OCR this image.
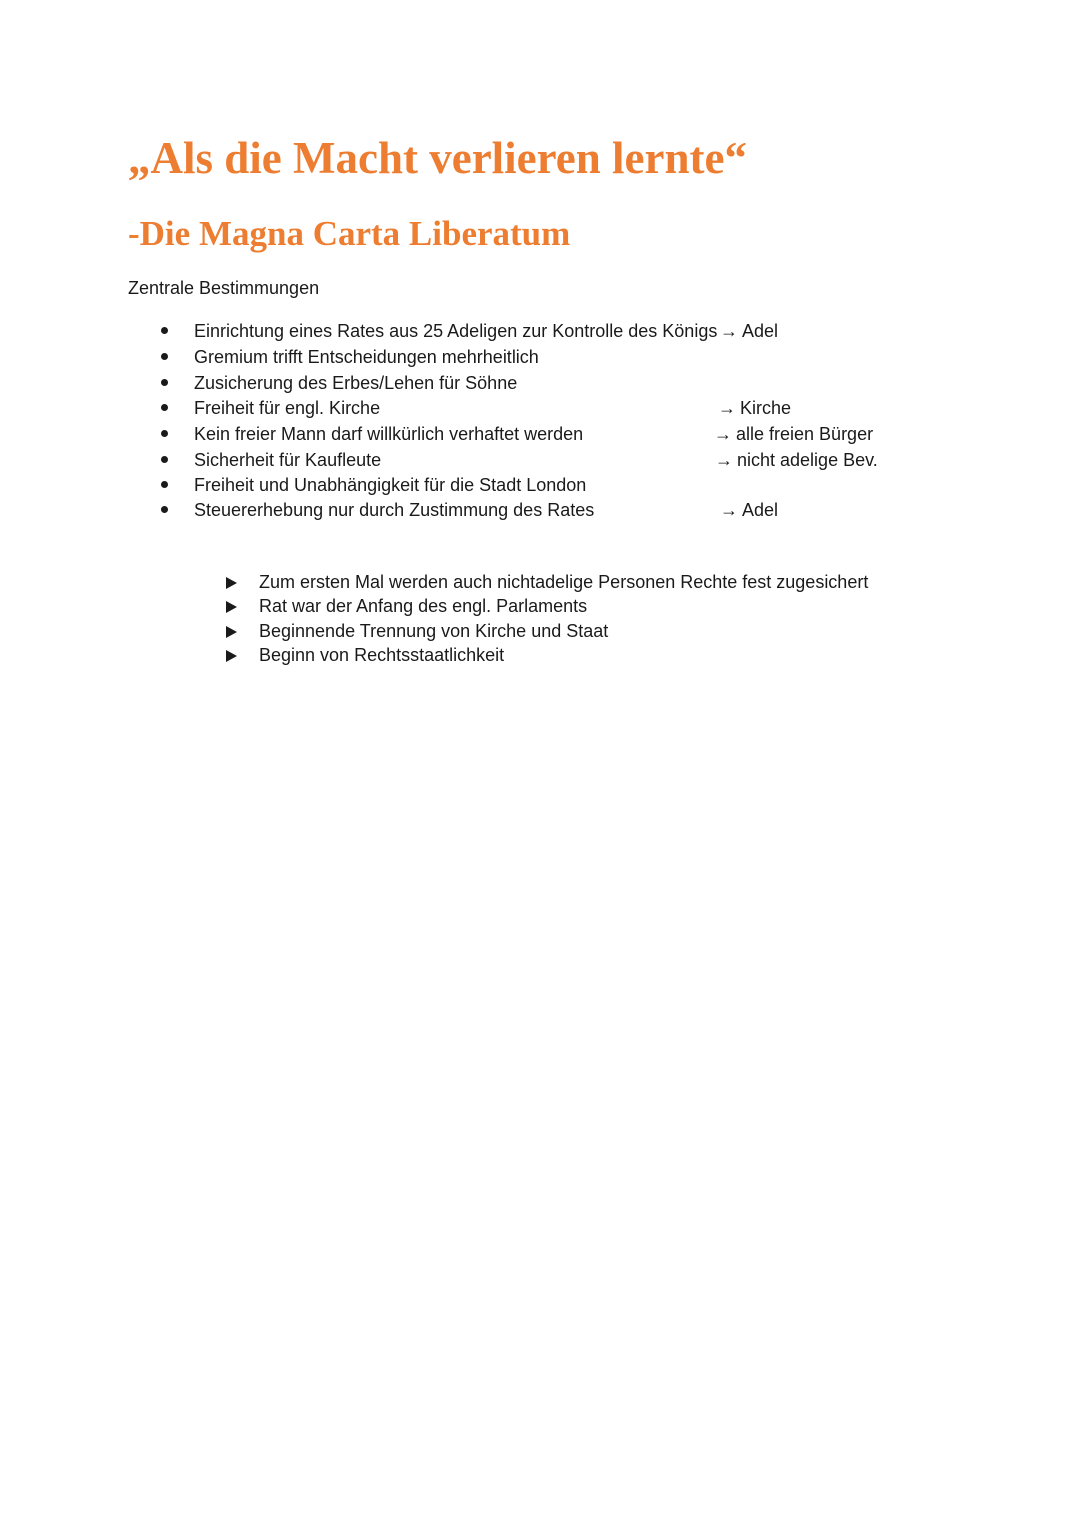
„Als die Macht verlieren lernte“
-Die Magna Carta Liberatum
Zentrale Bestimmungen
Einrichtung eines Rates aus 25 Adeligen zur Kontrolle des Königs → Adel
Gremium trifft Entscheidungen mehrheitlich
Zusicherung des Erbes/Lehen für Söhne
Freiheit für engl. Kirche	→ Kirche
Kein freier Mann darf willkürlich verhaftet werden	→ alle freien Bürger
Sicherheit für Kaufleute	→ nicht adelige Bev.
Freiheit und Unabhängigkeit für die Stadt London
Steuererhebung nur durch Zustimmung des Rates	→ Adel
Zum ersten Mal werden auch nichtadelige Personen Rechte fest zugesichert
Rat war der Anfang des engl. Parlaments
Beginnende Trennung von Kirche und Staat
Beginn von Rechtsstaatlichkeit
